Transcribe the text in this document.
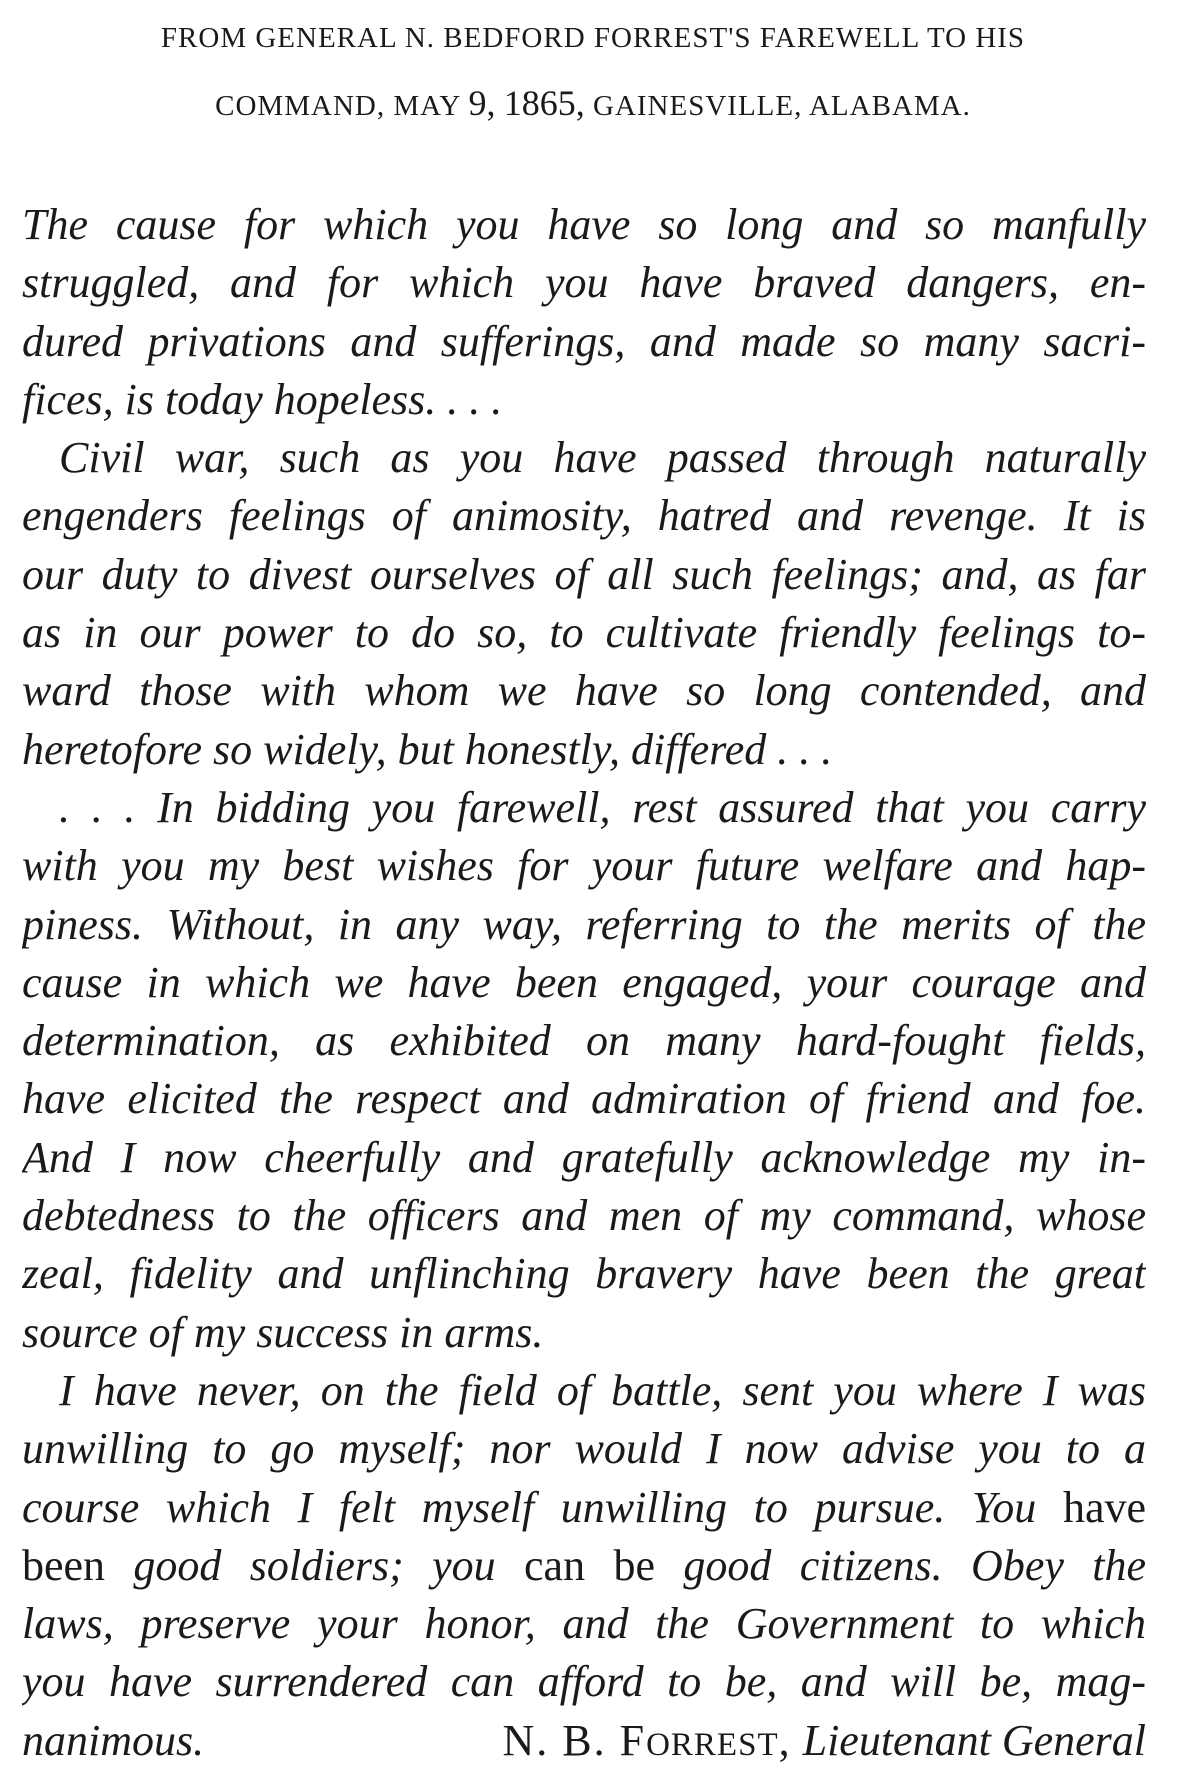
FROM GENERAL N. BEDFORD FORREST'S FAREWELL TO HIS
COMMAND, MAY 9, 1865, GAINESVILLE, ALABAMA.
The cause for which you have so long and so manfully
struggled, and for which you have braved dangers, en-
dured privations and sufferings, and made so many sacri-
fices, is today hopeless. . . .
Civil war, such as you have passed through naturally
engenders feelings of animosity, hatred and revenge. It is
our duty to divest ourselves of all such feelings; and, as far
as in our power to do so, to cultivate friendly feelings to-
ward those with whom we have so long contended, and
heretofore so widely, but honestly, differed . . .
. . . In bidding you farewell, rest assured that you carry
with you my best wishes for your future welfare and hap-
piness. Without, in any way, referring to the merits of the
cause in which we have been engaged, your courage and
determination, as exhibited on many hard-fought fields,
have elicited the respect and admiration of friend and foe.
And I now cheerfully and gratefully acknowledge my in-
debtedness to the officers and men of my command, whose
zeal, fidelity and unflinching bravery have been the great
source of my success in arms.
I have never, on the field of battle, sent you where I was
unwilling to go myself; nor would I now advise you to a
course which I felt myself unwilling to pursue. You have
been good soldiers; you can be good citizens. Obey the
laws, preserve your honor, and the Government to which
you have surrendered can afford to be, and will be, mag-
nanimous.	N. B. FORREST, Lieutenant General
